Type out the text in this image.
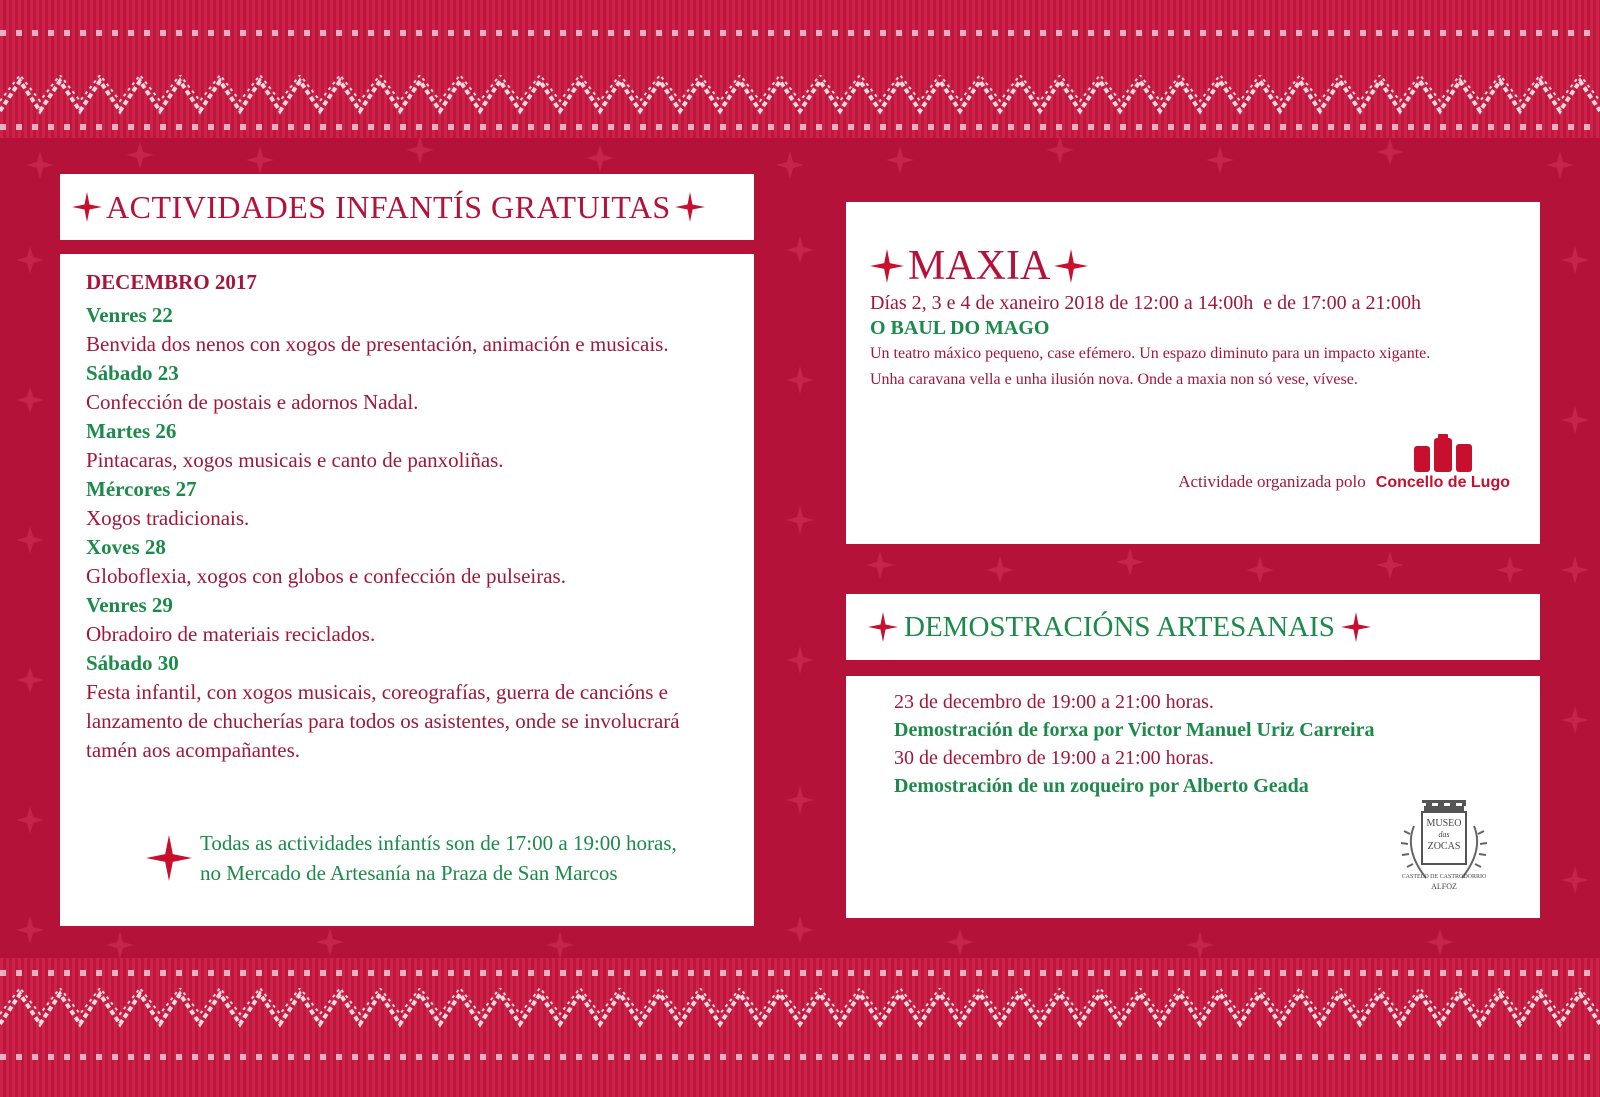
ACTIVIDADES INFANTÍS GRATUITAS
DECEMBRO 2017
Venres 22
Benvida dos nenos con xogos de presentación, animación e musicais.
Sábado 23
Confección de postais e adornos Nadal.
Martes 26
Pintacaras, xogos musicais e canto de panxoliñas.
Mércores 27
Xogos tradicionais.
Xoves 28
Globoflexia, xogos con globos e confección de pulseiras.
Venres 29
Obradoiro de materiais reciclados.
Sábado 30
Festa infantil, con xogos musicais, coreografías, guerra de cancións e lanzamento de chucherías para todos os asistentes, onde se involucrará tamén aos acompañantes.
Todas as actividades infantís son de 17:00 a 19:00 horas,
no Mercado de Artesanía na Praza de San Marcos
MAXIA
Días 2, 3 e 4 de xaneiro 2018 de 12:00 a 14:00h  e de 17:00 a 21:00h
O BAUL DO MAGO
Un teatro máxico pequeno, case efémero. Un espazo diminuto para un impacto xigante.
Unha caravana vella e unha ilusión nova. Onde a maxia non só vese, vívese.
Actividade organizada polo Concello de Lugo
DEMOSTRACIÓNS ARTESANAIS
23 de decembro de 19:00 a 21:00 horas.
Demostración de forxa por Victor Manuel Uriz Carreira
30 de decembro de 19:00 a 21:00 horas.
Demostración de un zoqueiro por Alberto Geada
MUSEO
das
ZOCAS
CASTELO DE CASTRODORRIO
ALFOZ
